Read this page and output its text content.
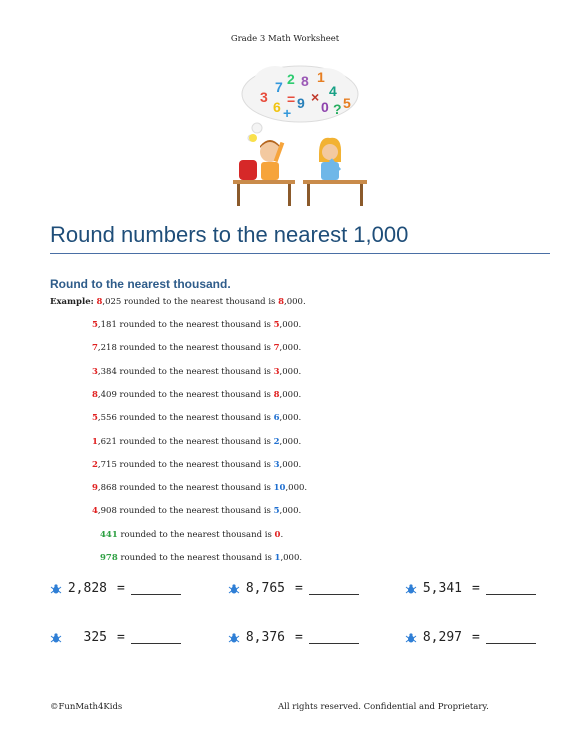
Grade 3 Math Worksheet
3
7 2 8 1
4
6 = 9 ×
0 ? 5
+
Round numbers to the nearest 1,000
Round to the nearest thousand.
Example: 8,025 rounded to the nearest thousand is 8,000.
5,181 rounded to the nearest thousand is 5,000.
7,218 rounded to the nearest thousand is 7,000.
3,384 rounded to the nearest thousand is 3,000.
8,409 rounded to the nearest thousand is 8,000.
5,556 rounded to the nearest thousand is 6,000.
1,621 rounded to the nearest thousand is 2,000.
2,715 rounded to the nearest thousand is 3,000.
9,868 rounded to the nearest thousand is 10,000.
4,908 rounded to the nearest thousand is 5,000.
441 rounded to the nearest thousand is 0.
978 rounded to the nearest thousand is 1,000.
2,828 =	8,765 =	5,341 =
325 =	8,376 =	8,297 =
©FunMath4Kids	All rights reserved. Confidential and Proprietary.
